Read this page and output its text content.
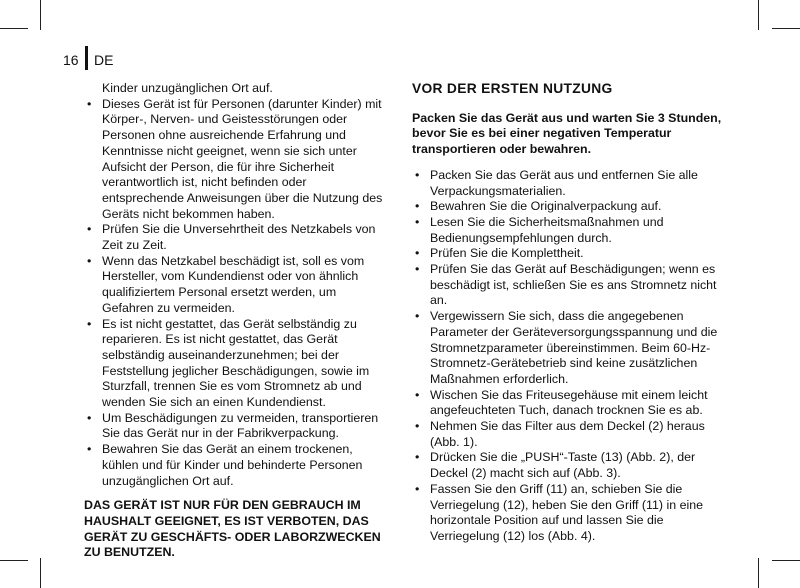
16 DE
Kinder unzugänglichen Ort auf.
• Dieses Gerät ist für Personen (darunter Kinder) mit Körper-, Nerven- und Geistesstörungen oder Personen ohne ausreichende Erfahrung und Kenntnisse nicht geeignet, wenn sie sich unter Aufsicht der Person, die für ihre Sicherheit verantwortlich ist, nicht befinden oder entsprechende Anweisungen über die Nutzung des Geräts nicht bekommen haben.
• Prüfen Sie die Unversehrtheit des Netzkabels von Zeit zu Zeit.
• Wenn das Netzkabel beschädigt ist, soll es vom Hersteller, vom Kundendienst oder von ähnlich qualifiziertem Personal ersetzt werden, um Gefahren zu vermeiden.
• Es ist nicht gestattet, das Gerät selbständig zu reparieren. Es ist nicht gestattet, das Gerät selbständig auseinanderzunehmen; bei der Feststellung jeglicher Beschädigungen, sowie im Sturzfall, trennen Sie es vom Stromnetz ab und wenden Sie sich an einen Kundendienst.
• Um Beschädigungen zu vermeiden, transportieren Sie das Gerät nur in der Fabrikverpackung.
• Bewahren Sie das Gerät an einem trockenen, kühlen und für Kinder und behinderte Personen unzugänglichen Ort auf.
DAS GERÄT IST NUR FÜR DEN GEBRAUCH IM HAUSHALT GEEIGNET, ES IST VERBOTEN, DAS GERÄT ZU GESCHÄFTS- ODER LABORZWECKEN ZU BENUTZEN.
VOR DER ERSTEN NUTZUNG
Packen Sie das Gerät aus und warten Sie 3 Stunden, bevor Sie es bei einer negativen Temperatur transportieren oder bewahren.
• Packen Sie das Gerät aus und entfernen Sie alle Verpackungsmaterialien.
• Bewahren Sie die Originalverpackung auf.
• Lesen Sie die Sicherheitsmaßnahmen und Bedienungsempfehlungen durch.
• Prüfen Sie die Komplettheit.
• Prüfen Sie das Gerät auf Beschädigungen; wenn es beschädigt ist, schließen Sie es ans Stromnetz nicht an.
• Vergewissern Sie sich, dass die angegebenen Parameter der Geräteversorgungsspannung und die Stromnetzparameter übereinstimmen. Beim 60-Hz-Stromnetz-Gerätebetrieb sind keine zusätzlichen Maßnahmen erforderlich.
• Wischen Sie das Friteusegehäuse mit einem leicht angefeuchteten Tuch, danach trocknen Sie es ab.
• Nehmen Sie das Filter aus dem Deckel (2) heraus (Abb. 1).
• Drücken Sie die „PUSH“-Taste (13) (Abb. 2), der Deckel (2) macht sich auf (Abb. 3).
• Fassen Sie den Griff (11) an, schieben Sie die Verriegelung (12), heben Sie den Griff (11) in eine horizontale Position auf und lassen Sie die Verriegelung (12) los (Abb. 4).
